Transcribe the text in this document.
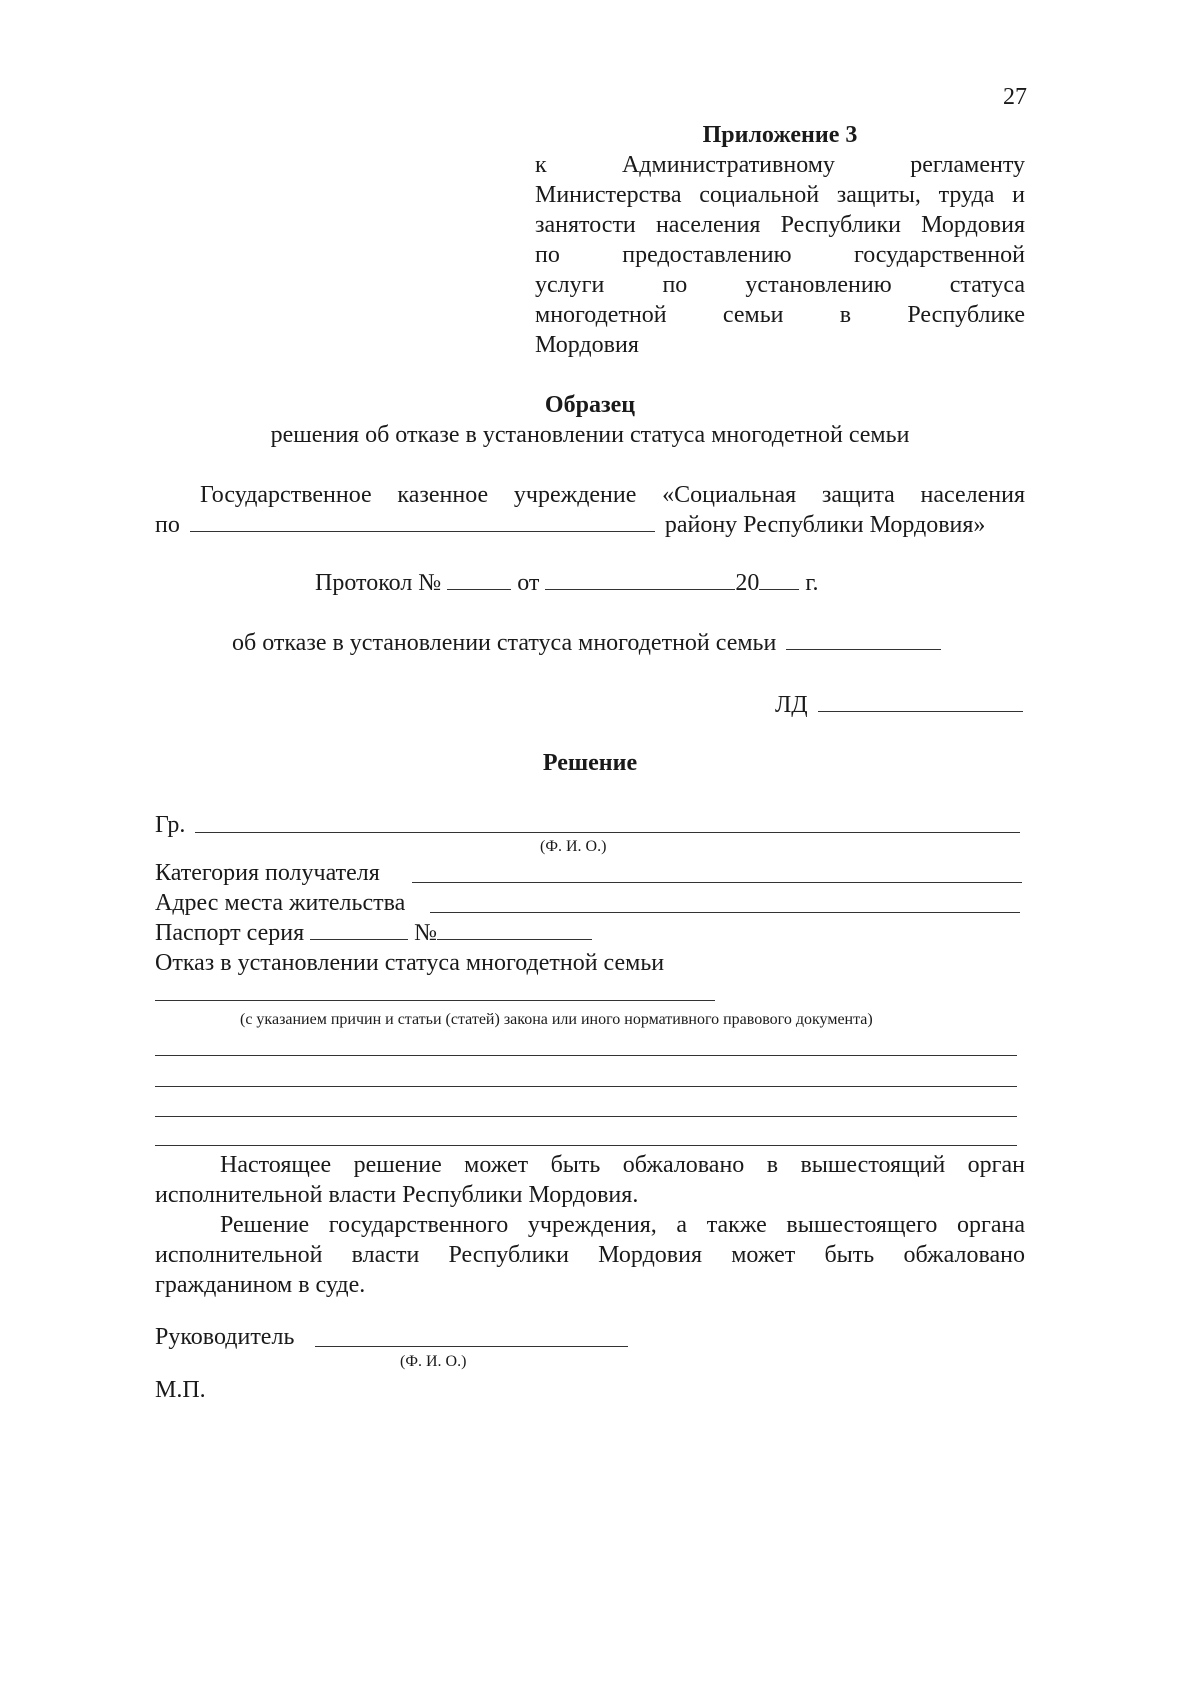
27
Приложение 3
к Административному регламенту
Министерства социальной защиты, труда и
занятости населения Республики Мордовия
по предоставлению государственной
услуги по установлению статуса
многодетной семьи в Республике
Мордовия
Образец
решения об отказе в установлении статуса многодетной семьи
Государственное казенное учреждение «Социальная защита населения
по	району Республики Мордовия»
Протокол №	от	20 г.
об отказе в установлении статуса многодетной семьи
ЛД
Решение
Гр.
(Ф. И. О.)
Категория получателя
Адрес места жительства
Паспорт серия	№
Отказ в установлении статуса многодетной семьи
(с указанием причин и статьи (статей) закона или иного нормативного правового документа)
Настоящее решение может быть обжаловано в вышестоящий орган
исполнительной власти Республики Мордовия.
Решение государственного учреждения, а также вышестоящего органа
исполнительной власти Республики Мордовия может быть обжаловано
гражданином в суде.
Руководитель
(Ф. И. О.)
М.П.
